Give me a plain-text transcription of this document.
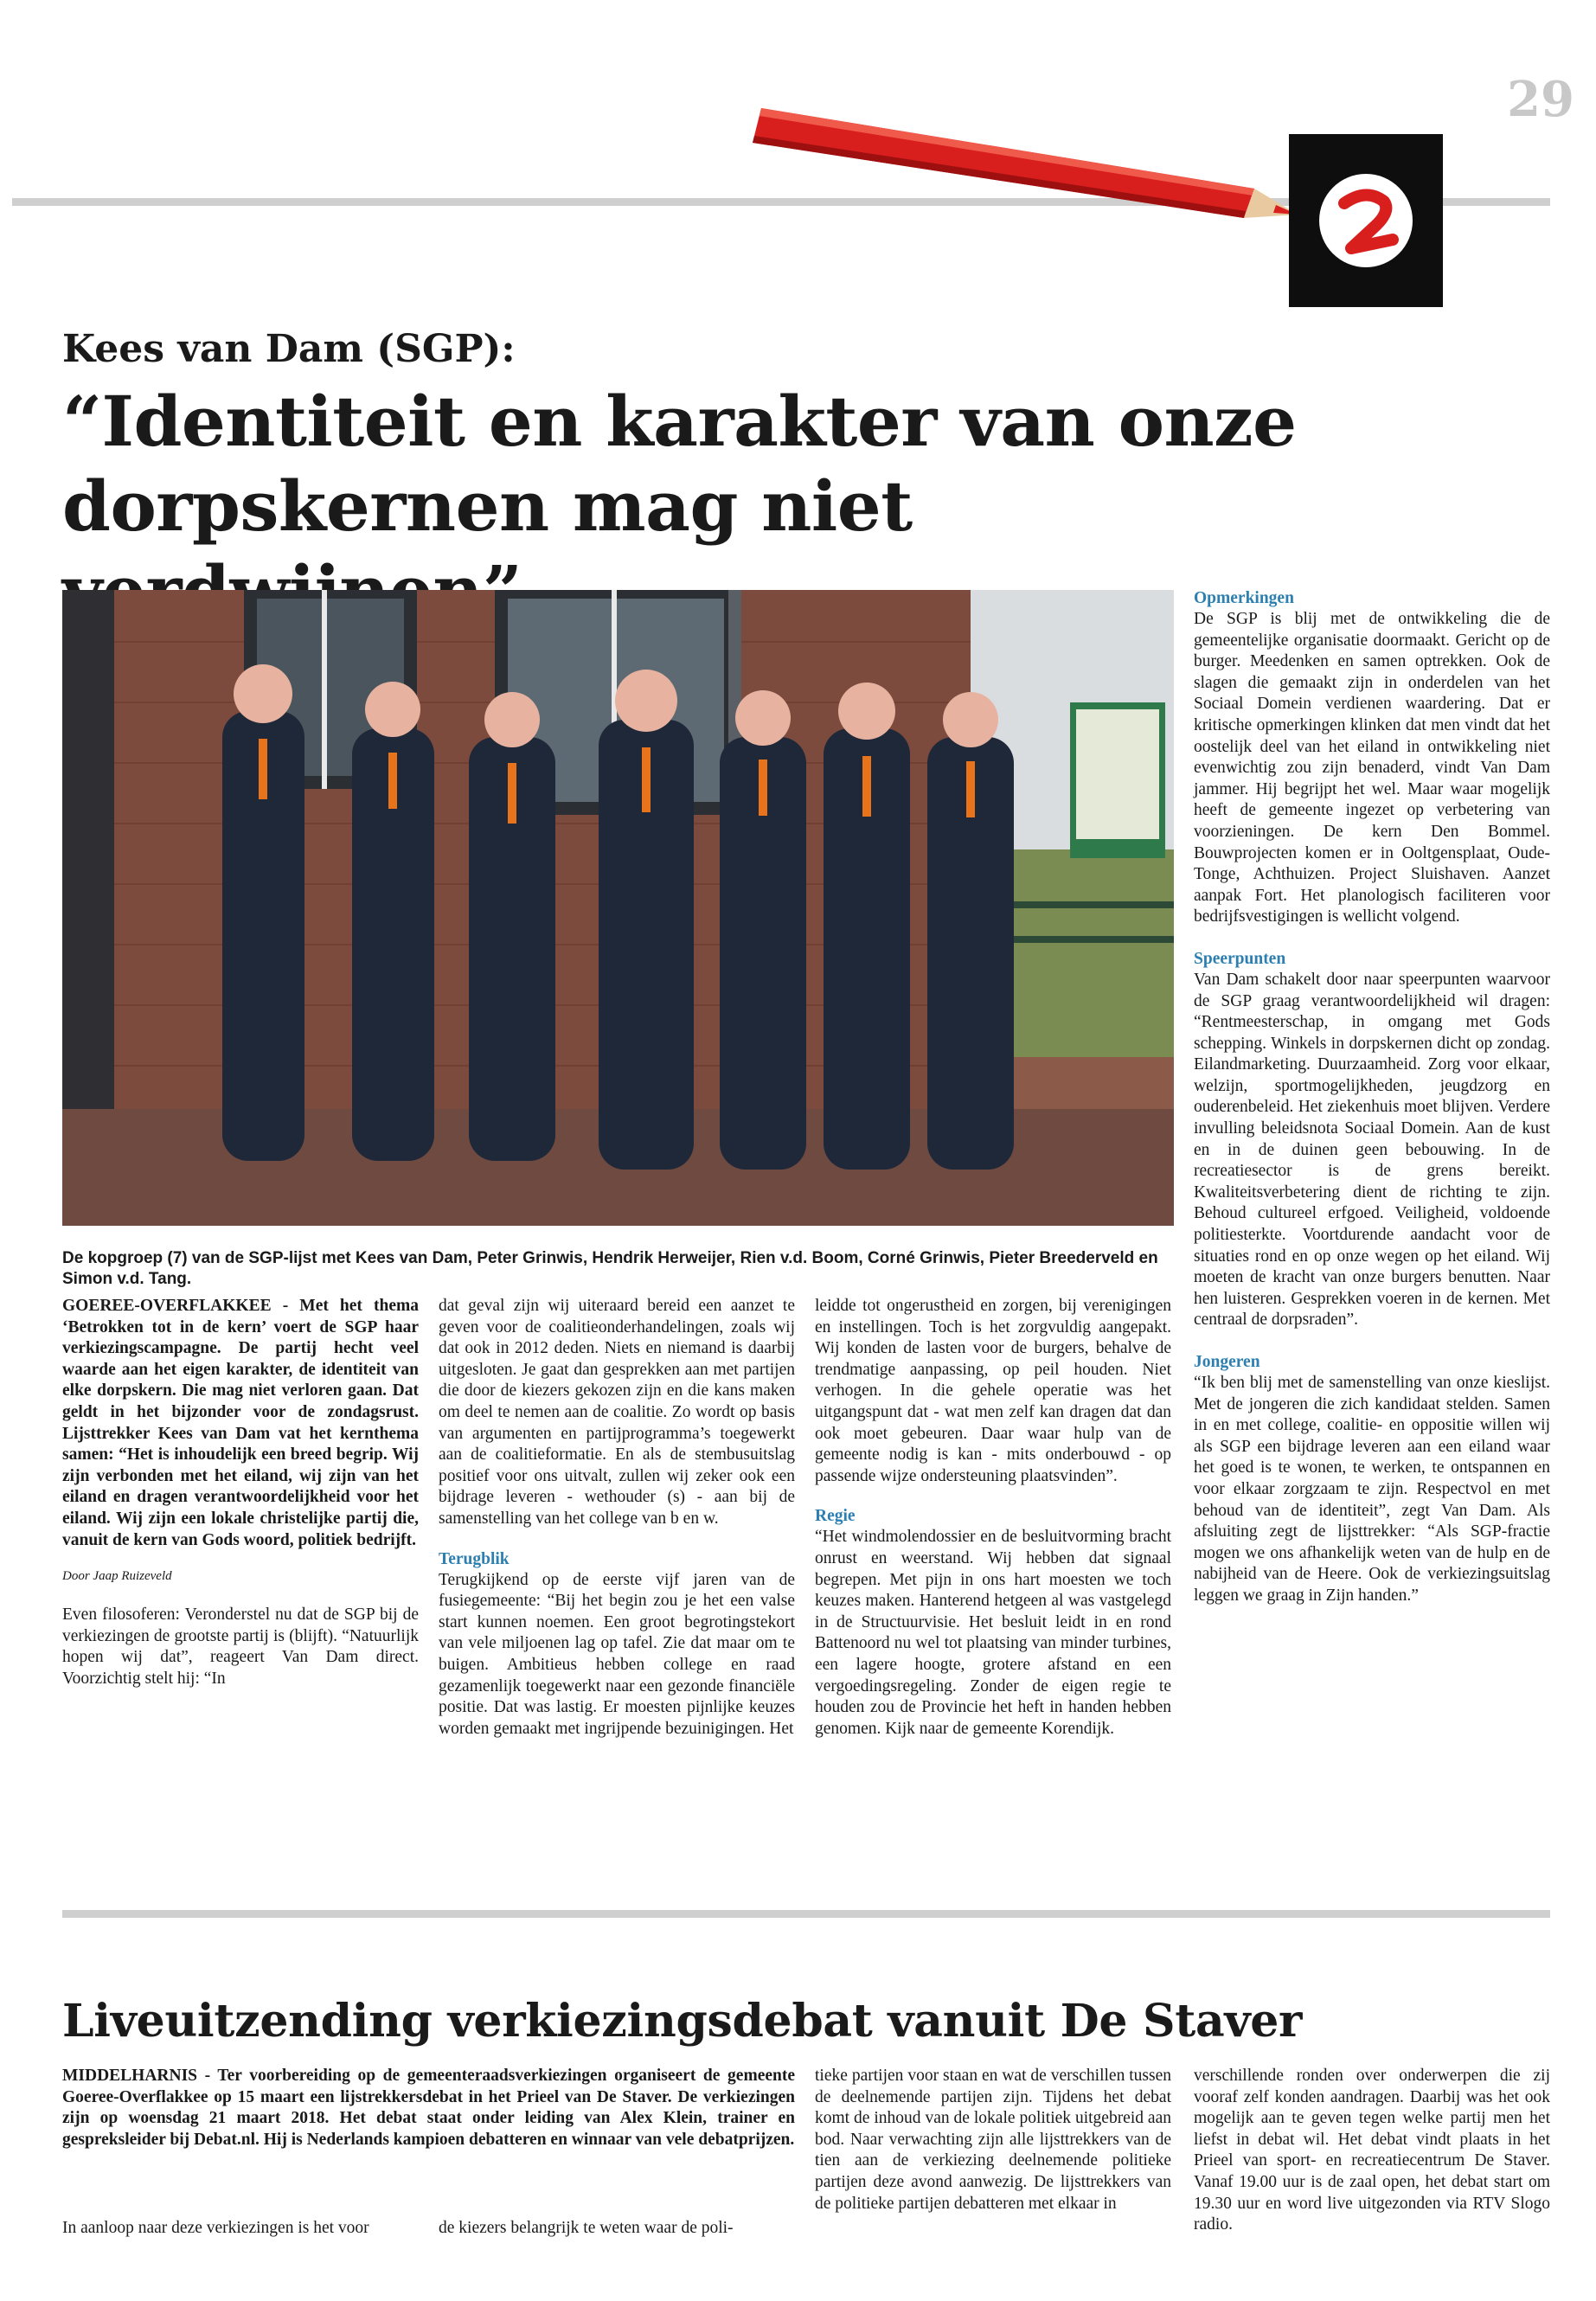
29
Kees van Dam (SGP):
“Identiteit en karakter van onze dorpskernen mag niet
De kopgroep (7) van de SGP-lijst met Kees van Dam, Peter Grinwis, Hendrik Herweijer, Rien v.d. Boom, Corné Grinwis, Pieter Breederveld en Simon v.d. Tang.

GOEREE-OVERFLAKKEE - Met het thema ‘Betrokken tot in de kern’ voert de SGP haar verkiezingscampagne. De partij hecht veel waarde aan het eigen karakter, de identiteit van elke dorpskern. Die mag niet verloren gaan. Dat geldt in het bijzonder voor de zondagsrust. Lijsttrekker Kees van Dam vat het kernthema samen: “Het is inhoudelijk een breed begrip. Wij zijn verbonden met het eiland, wij zijn van het eiland en dragen verantwoordelijkheid voor het eiland. Wij zijn een lokale christelijke partij die, vanuit de kern van Gods woord, politiek bedrijft.

Door Jaap Ruizeveld

Even filosoferen: Veronderstel nu dat de SGP bij de verkiezingen de grootste partij is (blijft). “Natuurlijk hopen wij dat”, reageert Van Dam direct. Voorzichtig stelt hij: “In

dat geval zijn wij uiteraard bereid een aanzet te geven voor de coalitieonderhandelingen, zoals wij dat ook in 2012 deden. Niets en niemand is daarbij uitgesloten. Je gaat dan gesprekken aan met partijen die door de kiezers gekozen zijn en die kans maken om deel te nemen aan de coalitie. Zo wordt op basis van argumenten en partijprogramma’s toegewerkt aan de coalitieformatie. En als de stembusuitslag positief voor ons uitvalt, zullen wij zeker ook een bijdrage leveren - wethouder (s) - aan bij de samenstelling van het college van b en w.

Terugblik

Terugkijkend op de eerste vijf jaren van de fusiegemeente: “Bij het begin zou je het een valse start kunnen noemen. Een groot begrotingstekort van vele miljoenen lag op tafel. Zie dat maar om te buigen. Ambitieus hebben college en raad gezamenlijk toegewerkt naar een gezonde financiële positie. Dat was lastig. Er moesten pijnlijke keuzes worden gemaakt met ingrijpende bezuinigingen. Het

leidde tot ongerustheid en zorgen, bij verenigingen en instellingen. Toch is het zorgvuldig aangepakt. Wij konden de lasten voor de burgers, behalve de trendmatige aanpassing, op peil houden. Niet verhogen. In die gehele operatie was het uitgangspunt dat - wat men zelf kan dragen dat dan ook moet gebeuren. Daar waar hulp van de gemeente nodig is kan - mits onderbouwd - op passende wijze ondersteuning plaatsvinden”.

Regie

“Het windmolendossier en de besluitvorming bracht onrust en weerstand. Wij hebben dat signaal begrepen. Met pijn in ons hart moesten we toch keuzes maken. Hanterend hetgeen al was vastgelegd in de Structuurvisie. Het besluit leidt in en rond Battenoord nu wel tot plaatsing van minder turbines, een lagere hoogte, grotere afstand en een vergoedingsregeling. Zonder de eigen regie te houden zou de Provincie het heft in handen hebben genomen. Kijk naar de gemeente Korendijk.

Opmerkingen

De SGP is blij met de ontwikkeling die de gemeentelijke organisatie doormaakt. Gericht op de burger. Meedenken en samen optrekken. Ook de slagen die gemaakt zijn in onderdelen van het Sociaal Domein verdienen waardering. Dat er kritische opmerkingen klinken dat men vindt dat het oostelijk deel van het eiland in ontwikkeling niet evenwichtig zou zijn benaderd, vindt Van Dam jammer. Hij begrijpt het wel. Maar waar mogelijk heeft de gemeente ingezet op verbetering van voorzieningen. De kern Den Bommel. Bouwprojecten komen er in Ooltgensplaat, Oude-Tonge, Achthuizen. Project Sluishaven. Aanzet aanpak Fort. Het planologisch faciliteren voor bedrijfsvestigingen is wellicht volgend.

Speerpunten

Van Dam schakelt door naar speerpunten waarvoor de SGP graag verantwoordelijkheid wil dragen: “Rentmeesterschap, in omgang met Gods schepping. Winkels in dorpskernen dicht op zondag. Eilandmarketing. Duurzaamheid. Zorg voor elkaar, welzijn, sportmogelijkheden, jeugdzorg en ouderenbeleid. Het ziekenhuis moet blijven. Verdere invulling beleidsnota Sociaal Domein. Aan de kust en in de duinen geen bebouwing. In de recreatiesector is de grens bereikt. Kwaliteitsverbetering dient de richting te zijn. Behoud cultureel erfgoed. Veiligheid, voldoende politiesterkte. Voortdurende aandacht voor de situaties rond en op onze wegen op het eiland. Wij moeten de kracht van onze burgers benutten. Naar hen luisteren. Gesprekken voeren in de kernen. Met centraal de dorpsraden”.

Jongeren

“Ik ben blij met de samenstelling van onze kieslijst. Met de jongeren die zich kandidaat stelden. Samen in en met college, coalitie- en oppositie willen wij als SGP een bijdrage leveren aan een eiland waar het goed is te wonen, te werken, te ontspannen en voor elkaar zorgzaam te zijn. Respectvol en met behoud van de identiteit”, zegt Van Dam. Als afsluiting zegt de lijsttrekker: “Als SGP-fractie mogen we ons afhankelijk weten van de hulp en de nabijheid van de Heere. Ook de verkiezingsuitslag leggen we graag in Zijn handen.”

Liveuitzending verkiezingsdebat vanuit De Staver

MIDDELHARNIS - Ter voorbereiding op de gemeenteraadsverkiezingen organiseert de gemeente Goeree-Overflakkee op 15 maart een lijstrekkersdebat in het Prieel van De Staver. De verkiezingen zijn op woensdag 21 maart 2018. Het debat staat onder leiding van Alex Klein, trainer en gespreksleider bij Debat.nl. Hij is Nederlands kampioen debatteren en winnaar van vele debatprijzen.

In aanloop naar deze verkiezingen is het voor	de kiezers belangrijk te weten waar de poli-

tieke partijen voor staan en wat de verschillen tussen de deelnemende partijen zijn. Tijdens het debat komt de inhoud van de lokale politiek uitgebreid aan bod. Naar verwachting zijn alle lijsttrekkers van de tien aan de verkiezing deelnemende politieke partijen deze avond aanwezig. De lijsttrekkers van de politieke partijen debatteren met elkaar in

verschillende ronden over onderwerpen die zij vooraf zelf konden aandragen. Daarbij was het ook mogelijk aan te geven tegen welke partij men het liefst in debat wil. Het debat vindt plaats in het Prieel van sport- en recreatiecentrum De Staver. Vanaf 19.00 uur is de zaal open, het debat start om 19.30 uur en word live uitgezonden via RTV Slogo radio.
